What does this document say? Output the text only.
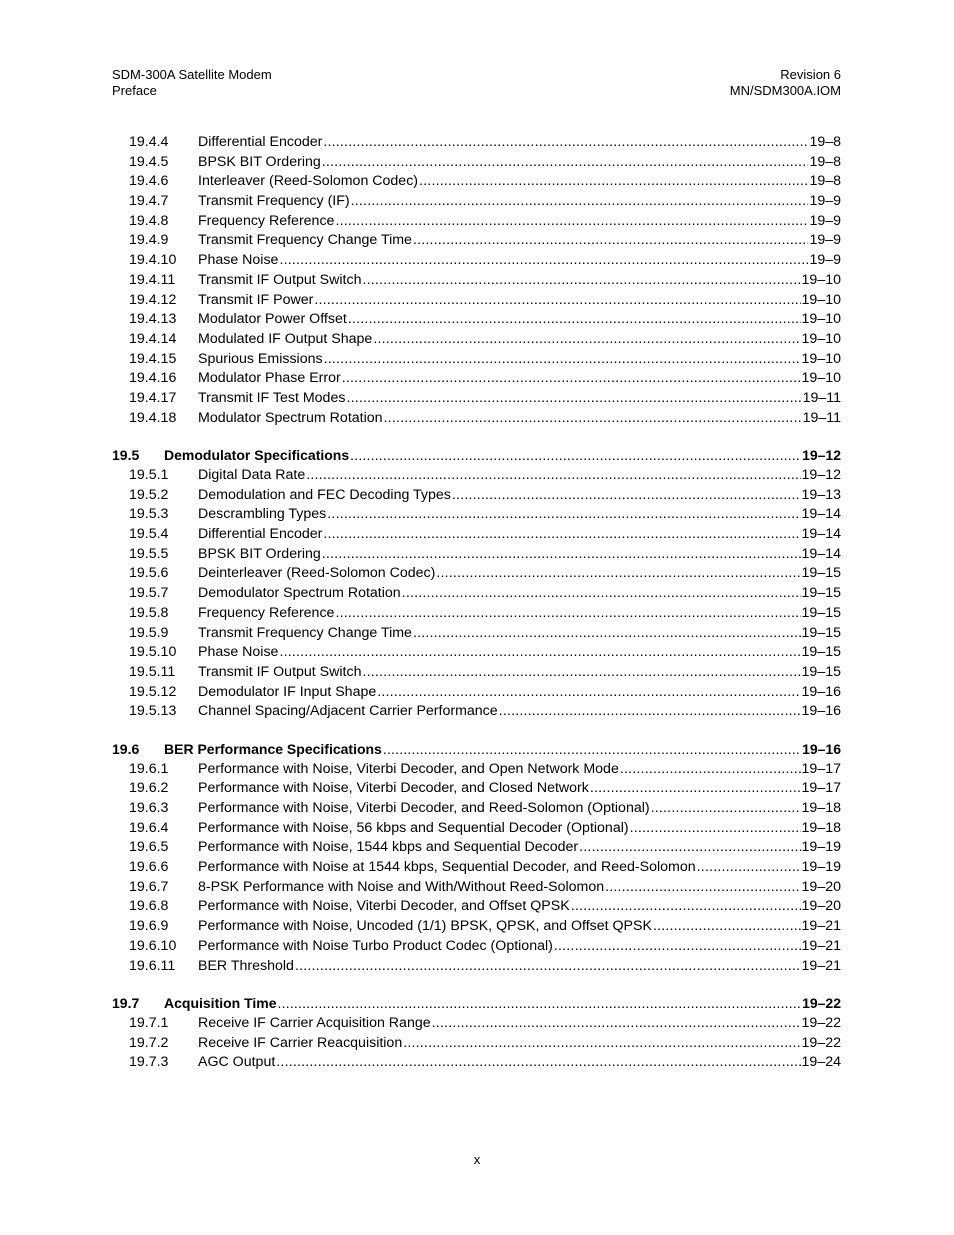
SDM-300A Satellite Modem
Preface
Revision 6
MN/SDM300A.IOM
19.4.4	Differential Encoder .....	19–8
19.4.5	BPSK BIT Ordering .....	19–8
19.4.6	Interleaver (Reed-Solomon Codec) .....	19–8
19.4.7	Transmit Frequency (IF) .....	19–9
19.4.8	Frequency Reference .....	19–9
19.4.9	Transmit Frequency Change Time .....	19–9
19.4.10	Phase Noise .....	19–9
19.4.11	Transmit IF Output Switch .....	19–10
19.4.12	Transmit IF Power .....	19–10
19.4.13	Modulator Power Offset .....	19–10
19.4.14	Modulated IF Output Shape .....	19–10
19.4.15	Spurious Emissions .....	19–10
19.4.16	Modulator Phase Error .....	19–10
19.4.17	Transmit IF Test Modes .....	19–11
19.4.18	Modulator Spectrum Rotation .....	19–11
19.5	Demodulator Specifications .....	19–12
19.5.1	Digital Data Rate .....	19–12
19.5.2	Demodulation and FEC Decoding Types .....	19–13
19.5.3	Descrambling Types .....	19–14
19.5.4	Differential Encoder .....	19–14
19.5.5	BPSK BIT Ordering .....	19–14
19.5.6	Deinterleaver (Reed-Solomon Codec) .....	19–15
19.5.7	Demodulator Spectrum Rotation .....	19–15
19.5.8	Frequency Reference .....	19–15
19.5.9	Transmit Frequency Change Time .....	19–15
19.5.10	Phase Noise .....	19–15
19.5.11	Transmit IF Output Switch .....	19–15
19.5.12	Demodulator IF Input Shape .....	19–16
19.5.13	Channel Spacing/Adjacent Carrier Performance .....	19–16
19.6	BER Performance Specifications .....	19–16
19.6.1	Performance with Noise, Viterbi Decoder, and Open Network Mode .....	19–17
19.6.2	Performance with Noise, Viterbi Decoder, and Closed Network .....	19–17
19.6.3	Performance with Noise, Viterbi Decoder, and Reed-Solomon (Optional) .....	19–18
19.6.4	Performance with Noise, 56 kbps and Sequential Decoder (Optional) .....	19–18
19.6.5	Performance with Noise, 1544 kbps and Sequential Decoder .....	19–19
19.6.6	Performance with Noise at 1544 kbps, Sequential Decoder, and Reed-Solomon .....	19–19
19.6.7	8-PSK Performance with Noise and With/Without Reed-Solomon .....	19–20
19.6.8	Performance with Noise, Viterbi Decoder, and Offset QPSK .....	19–20
19.6.9	Performance with Noise, Uncoded (1/1) BPSK, QPSK, and Offset QPSK .....	19–21
19.6.10	Performance with Noise Turbo Product Codec (Optional) .....	19–21
19.6.11	BER Threshold .....	19–21
19.7	Acquisition Time .....	19–22
19.7.1	Receive IF Carrier Acquisition Range .....	19–22
19.7.2	Receive IF Carrier Reacquisition .....	19–22
19.7.3	AGC Output .....	19–24
x
